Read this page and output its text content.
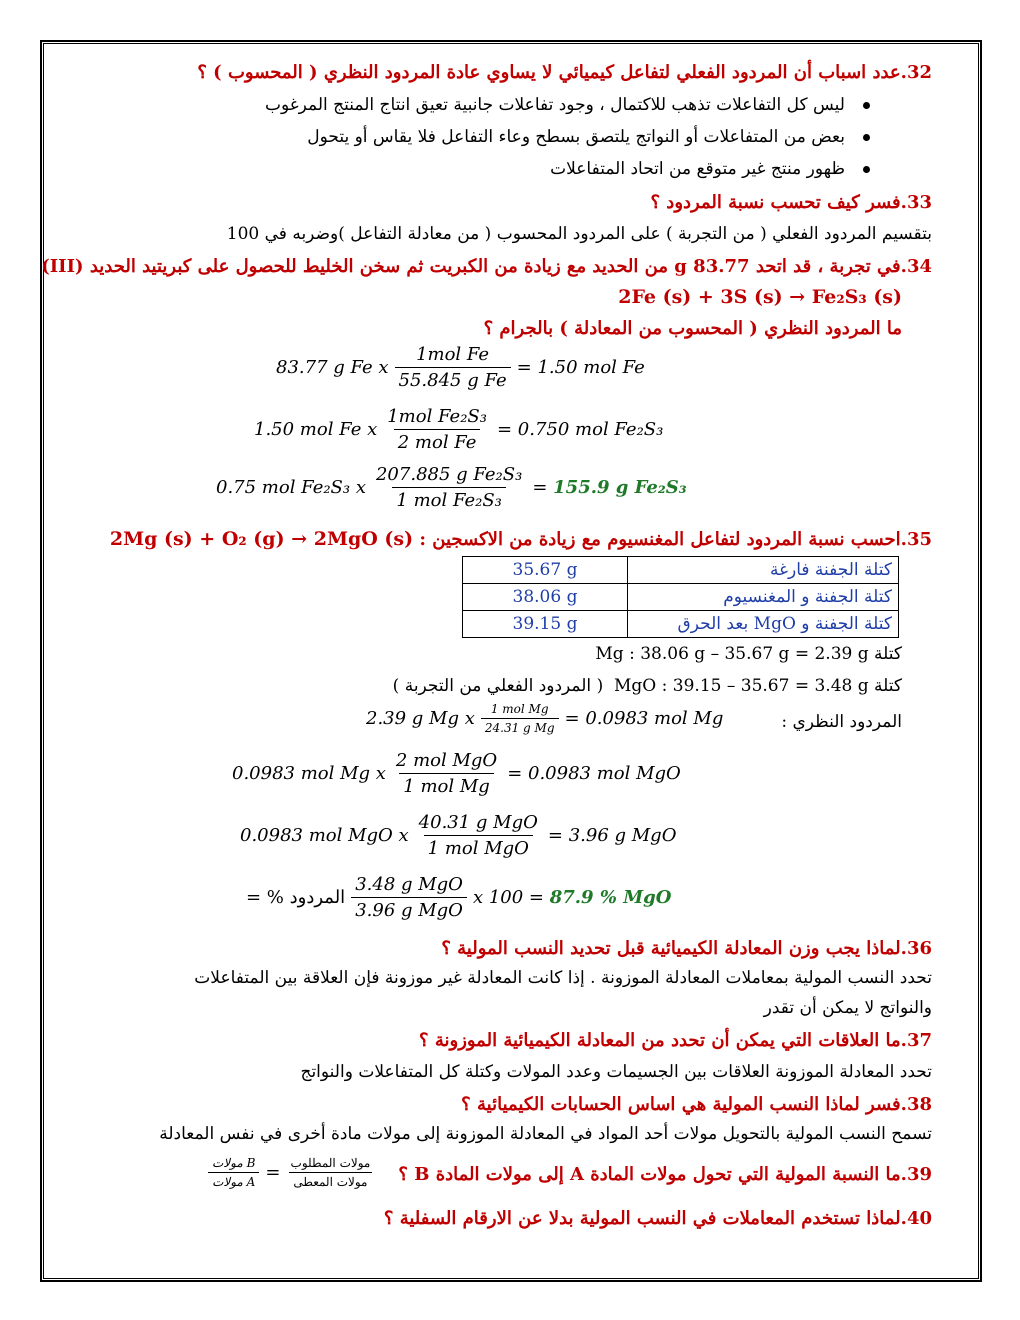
32.عدد اسباب أن المردود الفعلي لتفاعل كيميائي لا يساوي عادة المردود النظري ( المحسوب ) ؟
ليس كل التفاعلات تذهب للاكتمال ، وجود تفاعلات جانبية تعيق انتاج المنتج المرغوب
بعض من المتفاعلات أو النواتج يلتصق بسطح وعاء التفاعل فلا يقاس أو يتحول
ظهور منتج غير متوقع من اتحاد المتفاعلات
33.فسر كيف تحسب نسبة المردود ؟
بتقسيم المردود الفعلي ( من التجربة ) على المردود المحسوب ( من معادلة التفاعل )وضربه في 100
34.في تجربة ، قد اتحد 83.77 g من الحديد مع زيادة من الكبريت ثم سخن الخليط للحصول على كبريتيد الحديد (III)
2Fe (s) + 3S (s) → Fe₂S₃ (s)
ما المردود النظري ( المحسوب من المعادلة ) بالجرام ؟
83.77 g Fe x $\frac{\text{1mol Fe}}{\text{55.845 g Fe}} = 1.50$ mol Fe
1.50 mol Fe x $\frac{\text{1mol Fe₂S₃}}{\text{2 mol Fe}} = 0.750$ mol Fe₂S₃
0.75 mol Fe₂S₃ x $\frac{\text{207.885 g Fe₂S₃}}{\text{1 mol Fe₂S₃}}$ =
155.9 g Fe₂S₃
35.احسب نسبة المردود لتفاعل المغنسيوم مع زيادة من الاكسجين : 2Mg (s) + O₂ (g) → 2MgO (s)
كتلة الجفنة فارغة	35.67 g
كتلة الجفنة و المغنسيوم	38.06 g
كتلة الجفنة و MgO بعد الحرق	39.15 g
كتلة Mg : 38.06 g – 35.67 g = 2.39 g
كتلة MgO : 39.15 – 35.67 = 3.48 g  ( المردود الفعلي من التجربة )
المردود النظري :
2.39 g Mg x $\frac{\text{1 mol Mg}}{\text{24.31 g Mg}} = 0.0983$ mol Mg
0.0983 mol Mg x $\frac{\text{2 mol MgO}}{\text{1 mol Mg}} = 0.0983$ mol MgO
0.0983 mol MgO x $\frac{\text{40.31 g MgO}}{\text{1 mol MgO}} = 3.96$ g MgO
المردود % = $\frac{\text{3.48 g MgO}}{\text{3.96 g MgO}}$ x 100 =
87.9 % MgO
36.لماذا يجب وزن المعادلة الكيميائية قبل تحديد النسب المولية ؟
تحدد النسب المولية بمعاملات المعادلة الموزونة . إذا كانت المعادلة غير موزونة فإن العلاقة بين المتفاعلات
والنواتج لا يمكن أن تقدر
37.ما العلاقات التي يمكن أن تحدد من المعادلة الكيميائية الموزونة ؟
تحدد المعادلة الموزونة العلاقات بين الجسيمات وعدد المولات وكتلة كل المتفاعلات والنواتج
38.فسر لماذا النسب المولية هي اساس الحسابات الكيميائية ؟
تسمح النسب المولية بالتحويل مولات أحد المواد في المعادلة الموزونة إلى مولات مادة أخرى في نفس المعادلة
39.ما النسبة المولية التي تحول مولات المادة A إلى مولات المادة B ؟
$\frac{\text{مولات B}}{\text{مولات A}} = \frac{\text{مولات المطلوب}}{\text{مولات المعطى}}$
40.لماذا تستخدم المعاملات في النسب المولية بدلا عن الارقام السفلية ؟
